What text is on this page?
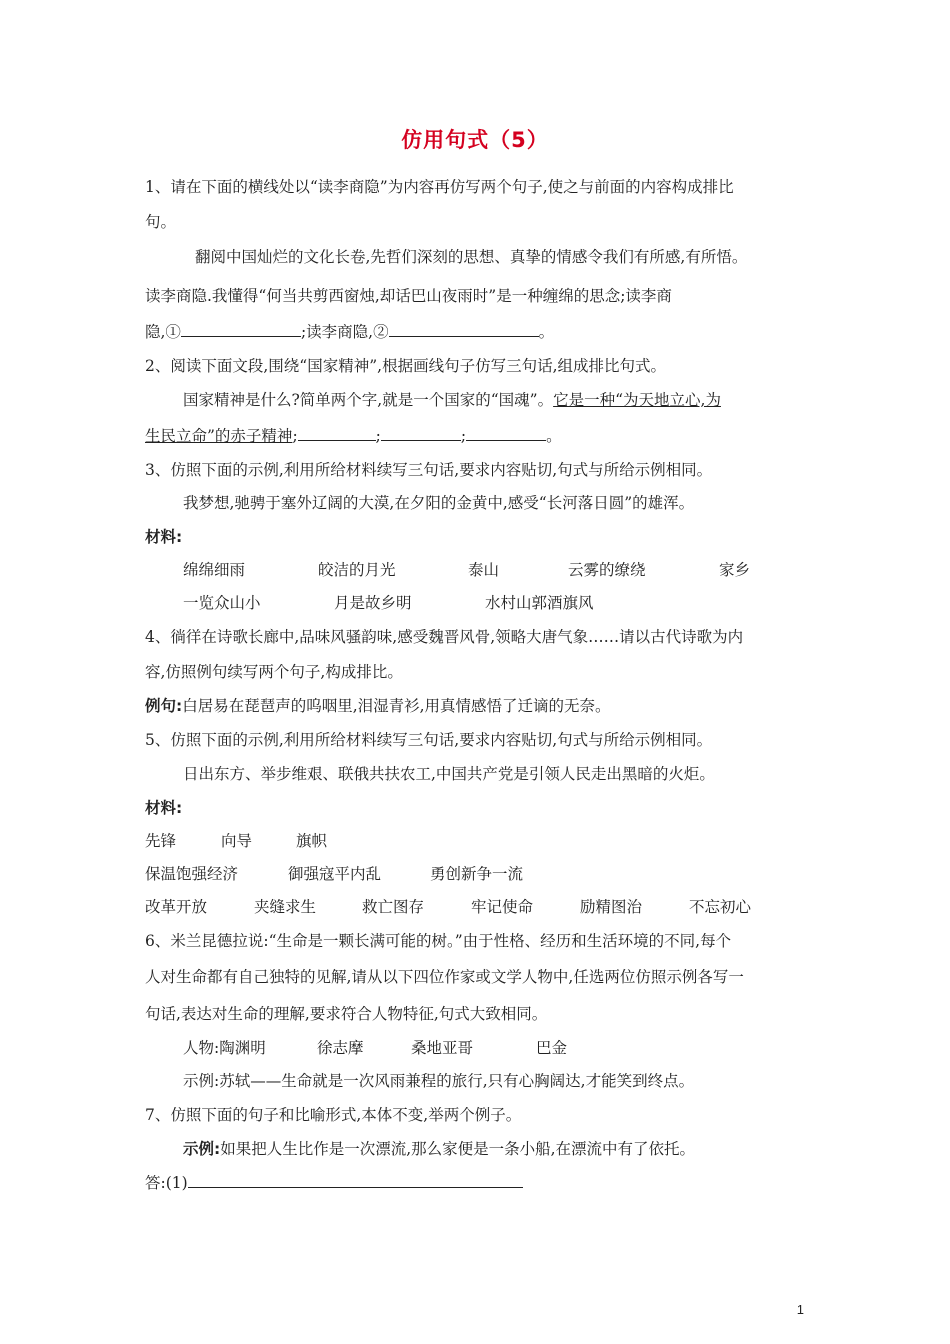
仿用句式（5）
1、请在下面的横线处以“读李商隐”为内容再仿写两个句子,使之与前面的内容构成排比
句。
翻阅中国灿烂的文化长卷,先哲们深刻的思想、真挚的情感令我们有所感,有所悟。
读李商隐.我懂得“何当共剪西窗烛,却话巴山夜雨时”是一种缠绵的思念;读李商
隐,①	;读李商隐,②	。
2、阅读下面文段,围绕“国家精神”,根据画线句子仿写三句话,组成排比句式。
国家精神是什么?简单两个字,就是一个国家的“国魂”。它是一种“为天地立心,为
生民立命”的赤子精神;	;	;	。
3、仿照下面的示例,利用所给材料续写三句话,要求内容贴切,句式与所给示例相同。
我梦想,驰骋于塞外辽阔的大漠,在夕阳的金黄中,感受“长河落日圆”的雄浑。
材料:
绵绵细雨	皎洁的月光	泰山	云雾的缭绕	家乡
一览众山小	月是故乡明	水村山郭酒旗风
4、徜徉在诗歌长廊中,品味风骚韵味,感受魏晋风骨,领略大唐气象……请以古代诗歌为内
容,仿照例句续写两个句子,构成排比。
例句:白居易在琵琶声的呜咽里,泪湿青衫,用真情感悟了迁谪的无奈。
5、仿照下面的示例,利用所给材料续写三句话,要求内容贴切,句式与所给示例相同。
日出东方、举步维艰、联俄共扶农工,中国共产党是引领人民走出黑暗的火炬。
材料:
先锋	向导	旗帜
保温饱强经济	御强寇平内乱	勇创新争一流
改革开放	夹缝求生	救亡图存	牢记使命	励精图治	不忘初心
6、米兰昆德拉说:“生命是一颗长满可能的树。”由于性格、经历和生活环境的不同,每个
人对生命都有自己独特的见解,请从以下四位作家或文学人物中,任选两位仿照示例各写一
句话,表达对生命的理解,要求符合人物特征,句式大致相同。
人物:陶渊明	徐志摩	桑地亚哥	巴金
示例:苏轼——生命就是一次风雨兼程的旅行,只有心胸阔达,才能笑到终点。
7、仿照下面的句子和比喻形式,本体不变,举两个例子。
示例:如果把人生比作是一次漂流,那么家便是一条小船,在漂流中有了依托。
答:(1)
1
